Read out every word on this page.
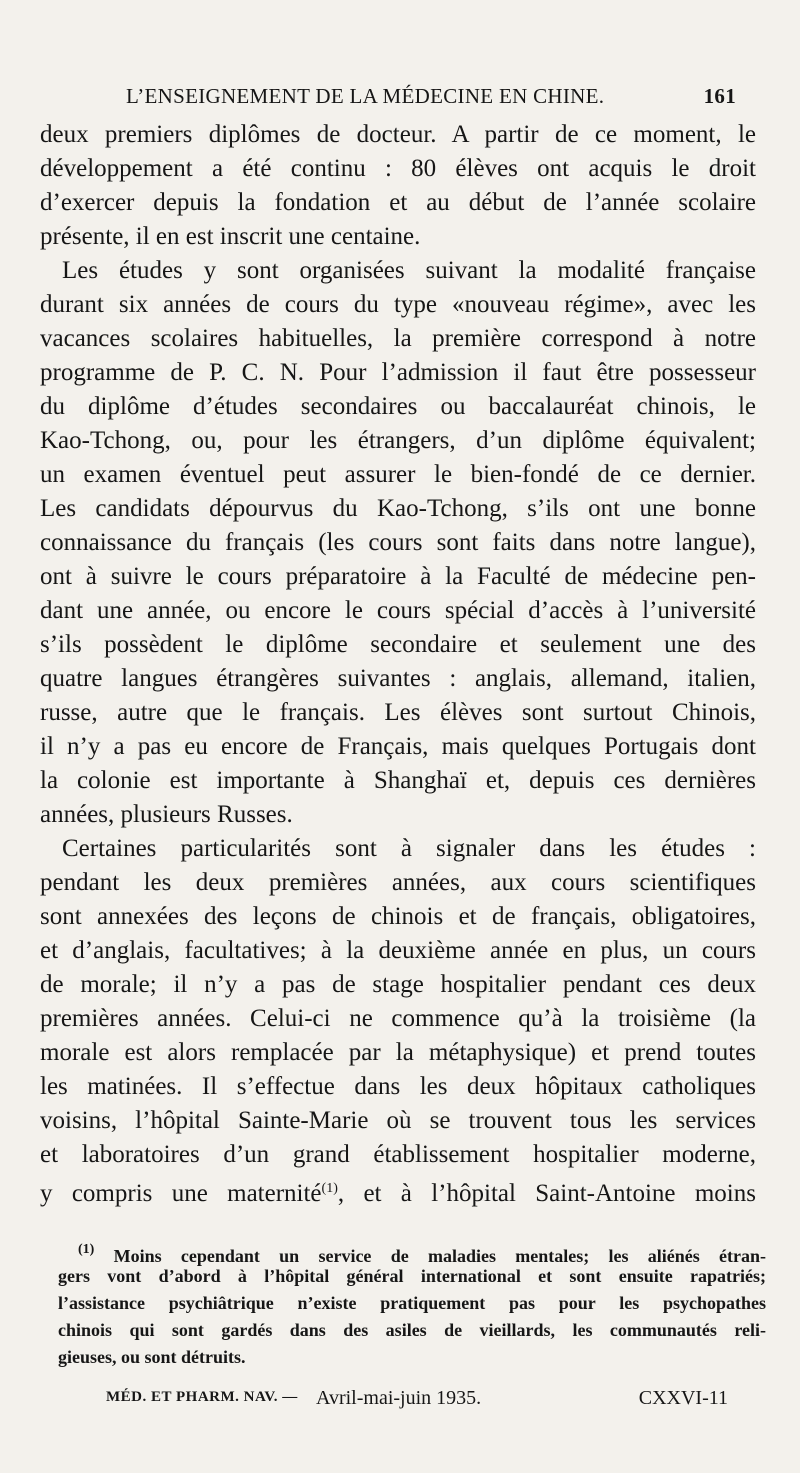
L’ENSEIGNEMENT DE LA MÉDECINE EN CHINE.	161
deux premiers diplômes de docteur. A partir de ce moment, le
développement a été continu : 80 élèves ont acquis le droit
d’exercer depuis la fondation et au début de l’année scolaire
présente, il en est inscrit une centaine.
Les études y sont organisées suivant la modalité française
durant six années de cours du type «nouveau régime», avec les
vacances scolaires habituelles, la première correspond à notre
programme de P. C. N. Pour l’admission il faut être possesseur
du diplôme d’études secondaires ou baccalauréat chinois, le
Kao-Tchong, ou, pour les étrangers, d’un diplôme équivalent;
un examen éventuel peut assurer le bien-fondé de ce dernier.
Les candidats dépourvus du Kao-Tchong, s’ils ont une bonne
connaissance du français (les cours sont faits dans notre langue),
ont à suivre le cours préparatoire à la Faculté de médecine pen-
dant une année, ou encore le cours spécial d’accès à l’université
s’ils possèdent le diplôme secondaire et seulement une des
quatre langues étrangères suivantes : anglais, allemand, italien,
russe, autre que le français. Les élèves sont surtout Chinois,
il n’y a pas eu encore de Français, mais quelques Portugais dont
la colonie est importante à Shanghaï et, depuis ces dernières
années, plusieurs Russes.
Certaines particularités sont à signaler dans les études :
pendant les deux premières années, aux cours scientifiques
sont annexées des leçons de chinois et de français, obligatoires,
et d’anglais, facultatives; à la deuxième année en plus, un cours
de morale; il n’y a pas de stage hospitalier pendant ces deux
premières années. Celui-ci ne commence qu’à la troisième (la
morale est alors remplacée par la métaphysique) et prend toutes
les matinées. Il s’effectue dans les deux hôpitaux catholiques
voisins, l’hôpital Sainte-Marie où se trouvent tous les services
et laboratoires d’un grand établissement hospitalier moderne,
y compris une maternité$^{(1)}$, et à l’hôpital Saint-Antoine moins
$^{(1)}$ Moins cependant un service de maladies mentales; les aliénés étran-
gers vont d’abord à l’hôpital général international et sont ensuite rapatriés;
l’assistance psychiâtrique n’existe pratiquement pas pour les psychopathes
chinois qui sont gardés dans des asiles de vieillards, les communautés reli-
gieuses, ou sont détruits.
MÉD. ET PHARM. NAV. — Avril-mai-juin 1935.	CXXVI-11
